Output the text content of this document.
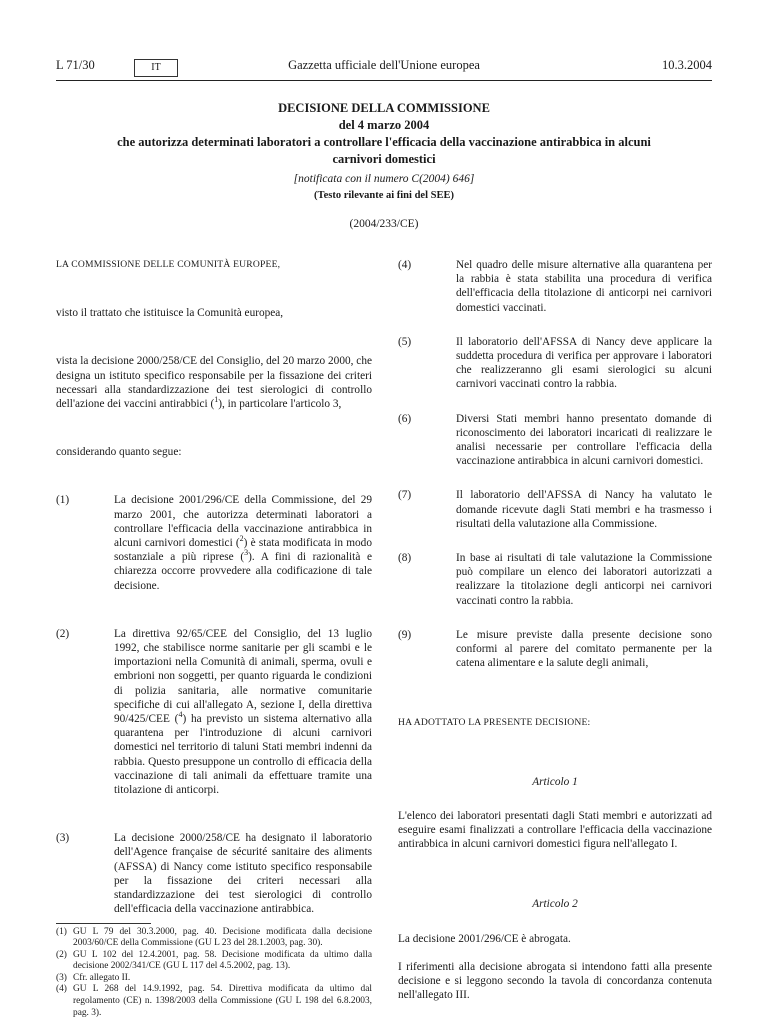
L 71/30	IT	Gazzetta ufficiale dell'Unione europea	10.3.2004
DECISIONE DELLA COMMISSIONE
del 4 marzo 2004
che autorizza determinati laboratori a controllare l'efficacia della vaccinazione antirabbica in alcuni
carnivori domestici
[notificata con il numero C(2004) 646]
(Testo rilevante ai fini del SEE)
(2004/233/CE)

LA COMMISSIONE DELLE COMUNITÀ EUROPEE,

visto il trattato che istituisce la Comunità europea,

vista la decisione 2000/258/CE del Consiglio, del 20 marzo 2000, che designa un istituto specifico responsabile per la fissazione dei criteri necessari alla standardizzazione dei test sierologici di controllo dell'azione dei vaccini antirabbici ($^1$), in particolare l'articolo 3,

considerando quanto segue:

(1)	La decisione 2001/296/CE della Commissione, del 29 marzo 2001, che autorizza determinati laboratori a controllare l'efficacia della vaccinazione antirabbica in alcuni carnivori domestici ($^2$) è stata modificata in modo sostanziale a più riprese ($^3$). A fini di razionalità e chiarezza occorre provvedere alla codificazione di tale decisione.

(2)	La direttiva 92/65/CEE del Consiglio, del 13 luglio 1992, che stabilisce norme sanitarie per gli scambi e le importazioni nella Comunità di animali, sperma, ovuli e embrioni non soggetti, per quanto riguarda le condizioni di polizia sanitaria, alle normative comunitarie specifiche di cui all'allegato A, sezione I, della direttiva 90/425/CEE ($^4$) ha previsto un sistema alternativo alla quarantena per l'introduzione di alcuni carnivori domestici nel territorio di taluni Stati membri indenni da rabbia. Questo presuppone un controllo di efficacia della vaccinazione di tali animali da effettuare tramite una titolazione di anticorpi.

(3)	La decisione 2000/258/CE ha designato il laboratorio dell'Agence française de sécurité sanitaire des aliments (AFSSA) di Nancy come istituto specifico responsabile per la fissazione dei criteri necessari alla standardizzazione dei test sierologici di controllo dell'efficacia della vaccinazione antirabbica.

(1) GU L 79 del 30.3.2000, pag. 40. Decisione modificata dalla decisione 2003/60/CE della Commissione (GU L 23 del 28.1.2003, pag. 30).
(2) GU L 102 del 12.4.2001, pag. 58. Decisione modificata da ultimo dalla decisione 2002/341/CE (GU L 117 del 4.5.2002, pag. 13).
(3) Cfr. allegato II.
(4) GU L 268 del 14.9.1992, pag. 54. Direttiva modificata da ultimo dal regolamento (CE) n. 1398/2003 della Commissione (GU L 198 del 6.8.2003, pag. 3).
(4)	Nel quadro delle misure alternative alla quarantena per la rabbia è stata stabilita una procedura di verifica dell'efficacia della titolazione di anticorpi nei carnivori domestici vaccinati.

(5)	Il laboratorio dell'AFSSA di Nancy deve applicare la suddetta procedura di verifica per approvare i laboratori che realizzeranno gli esami sierologici su alcuni carnivori vaccinati contro la rabbia.

(6)	Diversi Stati membri hanno presentato domande di riconoscimento dei laboratori incaricati di realizzare le analisi necessarie per controllare l'efficacia della vaccinazione antirabbica in alcuni carnivori domestici.

(7)	Il laboratorio dell'AFSSA di Nancy ha valutato le domande ricevute dagli Stati membri e ha trasmesso i risultati della valutazione alla Commissione.

(8)	In base ai risultati di tale valutazione la Commissione può compilare un elenco dei laboratori autorizzati a realizzare la titolazione degli anticorpi nei carnivori vaccinati contro la rabbia.

(9)	Le misure previste dalla presente decisione sono conformi al parere del comitato permanente per la catena alimentare e la salute degli animali,

HA ADOTTATO LA PRESENTE DECISIONE:

Articolo 1

L'elenco dei laboratori presentati dagli Stati membri e autorizzati ad eseguire esami finalizzati a controllare l'efficacia della vaccinazione antirabbica in alcuni carnivori domestici figura nell'allegato I.

Articolo 2

La decisione 2001/296/CE è abrogata.

I riferimenti alla decisione abrogata si intendono fatti alla presente decisione e si leggono secondo la tavola di concordanza contenuta nell'allegato III.
